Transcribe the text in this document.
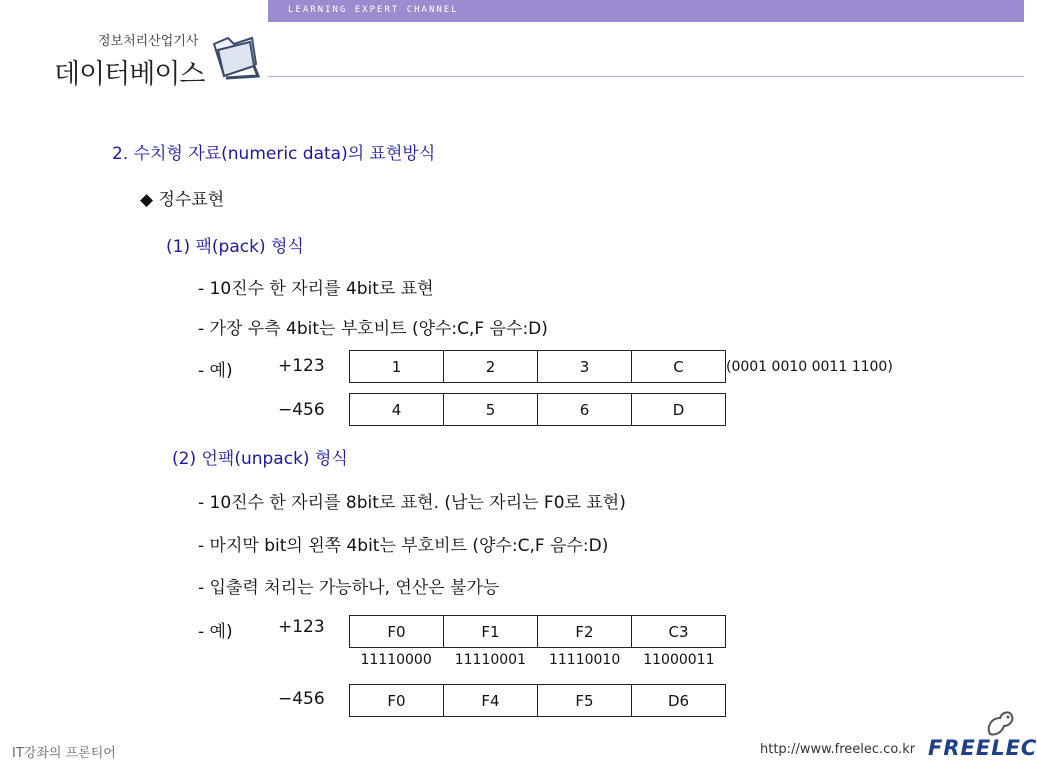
LEARNING EXPERT CHANNEL
정보처리산업기사
데이터베이스
2. 수치형 자료(numeric data)의 표현방식
◆ 정수표현
(1) 팩(pack) 형식
- 10진수 한 자리를 4bit로 표현
- 가장 우측 4bit는 부호비트 (양수:C,F 음수:D)
- 예)	+123	1	2	3	C	(0001 0010 0011 1100)
−456	4	5	6	D
(2) 언팩(unpack) 형식
- 10진수 한 자리를 8bit로 표현. (남는 자리는 F0로 표현)
- 마지막 bit의 왼쪽 4bit는 부호비트 (양수:C,F 음수:D)
- 입출력 처리는 가능하나, 연산은 불가능
- 예)	+123	F0	F1	F2	C3
11110000	11110001	11110010	11000011
−456	F0	F4	F5	D6
IT강좌의 프론티어	http://www.freelec.co.kr FREELEC
